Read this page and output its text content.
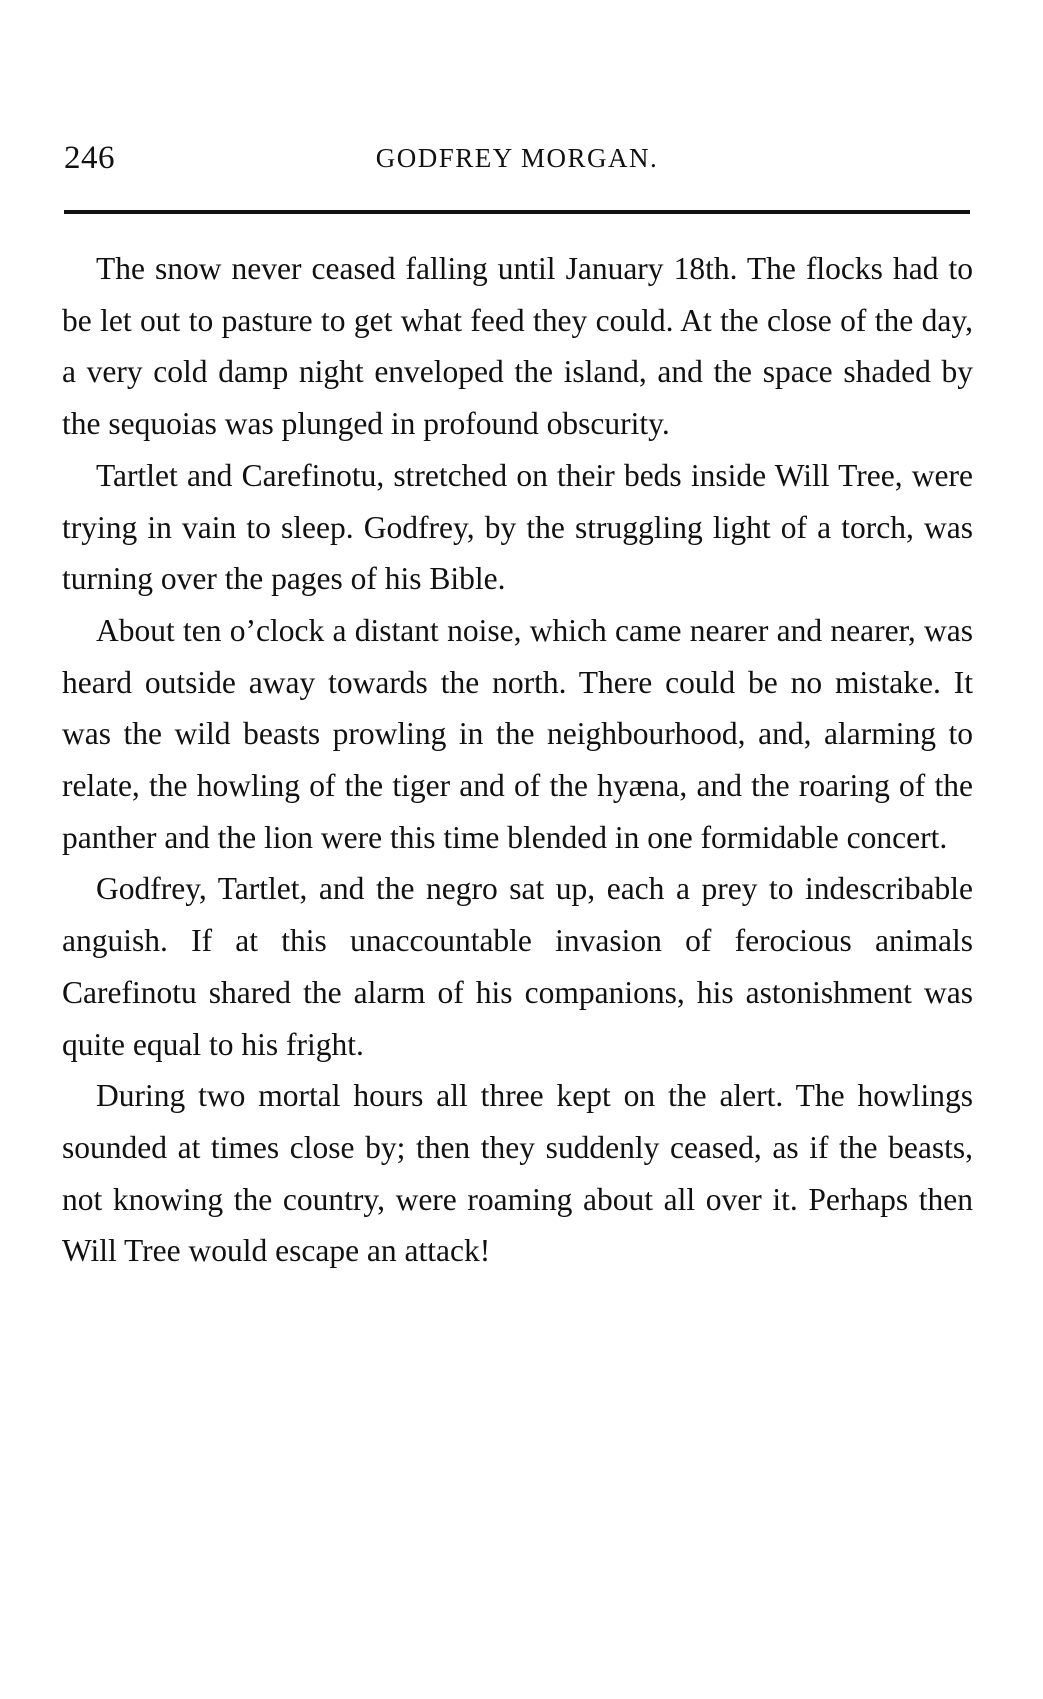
GODFREY MORGAN.
246

The snow never ceased falling until January 18th. The flocks had to be let out to pasture to get what feed they could. At the close of the day, a very cold damp night enveloped the island, and the space shaded by the sequoias was plunged in profound obscurity.

Tartlet and Carefinotu, stretched on their beds inside Will Tree, were trying in vain to sleep. Godfrey, by the struggling light of a torch, was turning over the pages of his Bible.

About ten o’clock a distant noise, which came nearer and nearer, was heard outside away towards the north. There could be no mistake. It was the wild beasts prowling in the neighbourhood, and, alarming to relate, the howling of the tiger and of the hyæna, and the roaring of the panther and the lion were this time blended in one formidable concert.

Godfrey, Tartlet, and the negro sat up, each a prey to indescribable anguish. If at this unaccountable invasion of ferocious animals Carefinotu shared the alarm of his companions, his astonishment was quite equal to his fright.

During two mortal hours all three kept on the alert. The howlings sounded at times close by; then they suddenly ceased, as if the beasts, not knowing the country, were roaming about all over it. Perhaps then Will Tree would escape an attack!
